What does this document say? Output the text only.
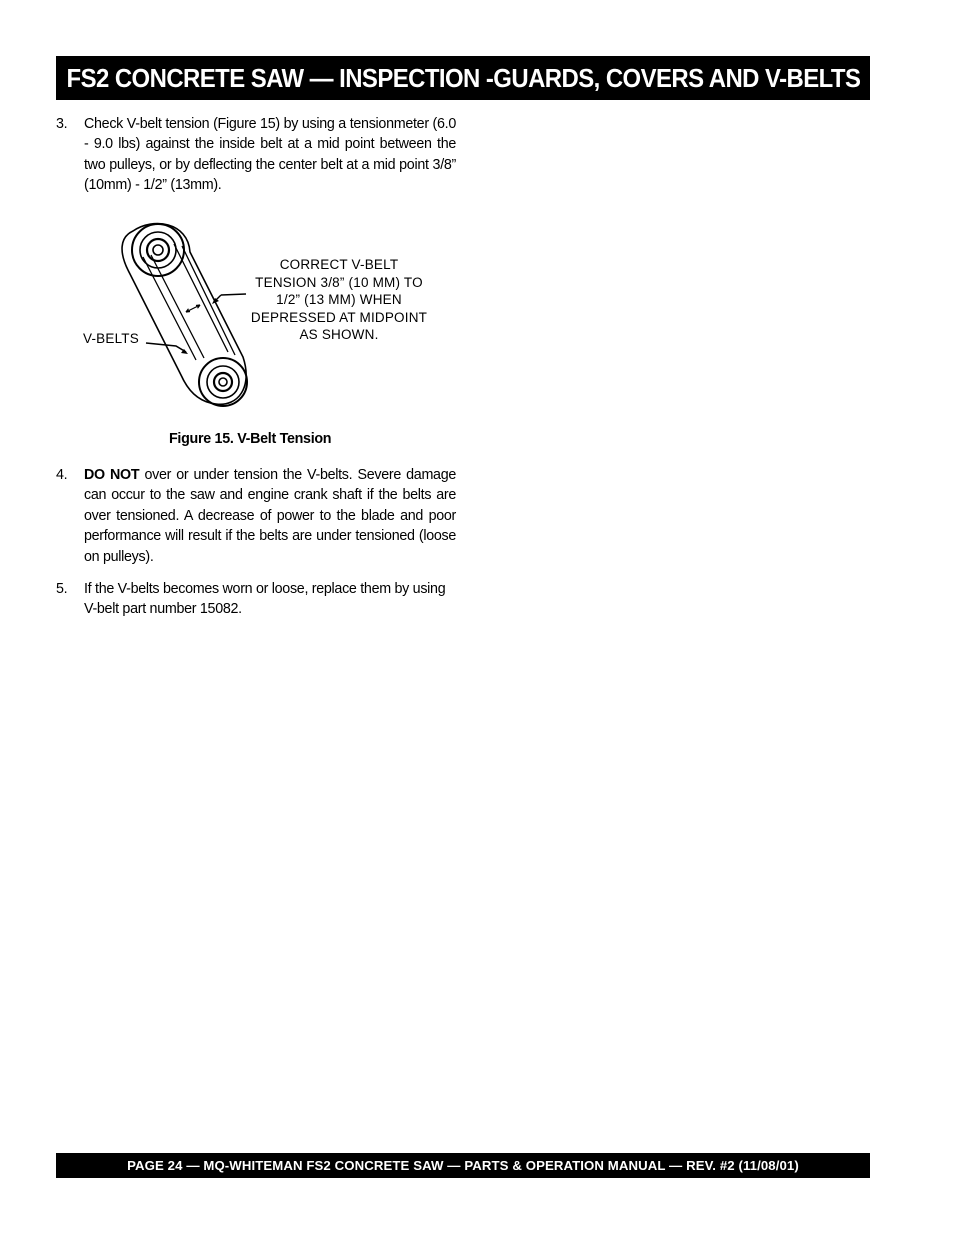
FS2 CONCRETE SAW — INSPECTION -GUARDS, COVERS AND V-BELTS
3. Check V-belt tension (Figure 15) by using a tensionmeter (6.0 - 9.0 lbs) against the inside belt at a mid point between the two pulleys, or by deflecting the center belt at a mid point 3/8” (10mm) - 1/2” (13mm).
CORRECT V-BELT
TENSION 3/8” (10 MM) TO
1/2” (13 MM) WHEN
DEPRESSED AT MIDPOINT
AS SHOWN.
V-BELTS
Figure 15. V-Belt Tension
4. DO NOT over or under tension the V-belts. Severe damage can occur to the saw and engine crank shaft if the belts are over tensioned. A decrease of power to the blade and poor performance will result if the belts are under tensioned (loose on pulleys).
5. If the V-belts becomes worn or loose, replace them by using V-belt part number 15082.
PAGE 24 — MQ-WHITEMAN FS2 CONCRETE SAW — PARTS & OPERATION MANUAL — REV. #2 (11/08/01)
